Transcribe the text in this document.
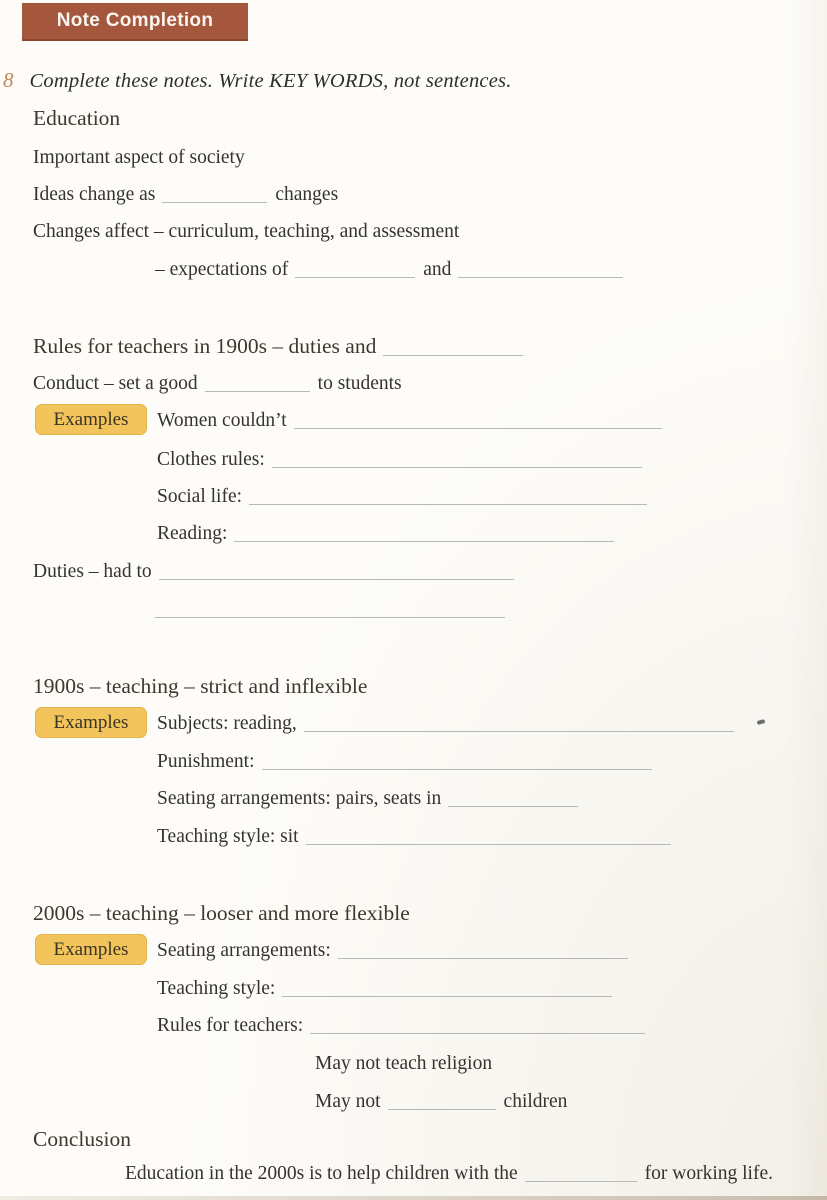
Note Completion
8 Complete these notes. Write KEY WORDS, not sentences.
Education
Important aspect of society
Ideas change as	changes
Changes affect – curriculum, teaching, and assessment
– expectations of	and
Rules for teachers in 1900s – duties and
Conduct – set a good	to students
Examples	Women couldn’t
Clothes rules:
Social life:
Reading:
Duties – had to
1900s – teaching – strict and inflexible
Examples	Subjects: reading,
Punishment:
Seating arrangements: pairs, seats in
Teaching style: sit
2000s – teaching – looser and more flexible
Examples	Seating arrangements:
Teaching style:
Rules for teachers:
May not teach religion
May not	children
Conclusion
Education in the 2000s is to help children with the	for working life.
